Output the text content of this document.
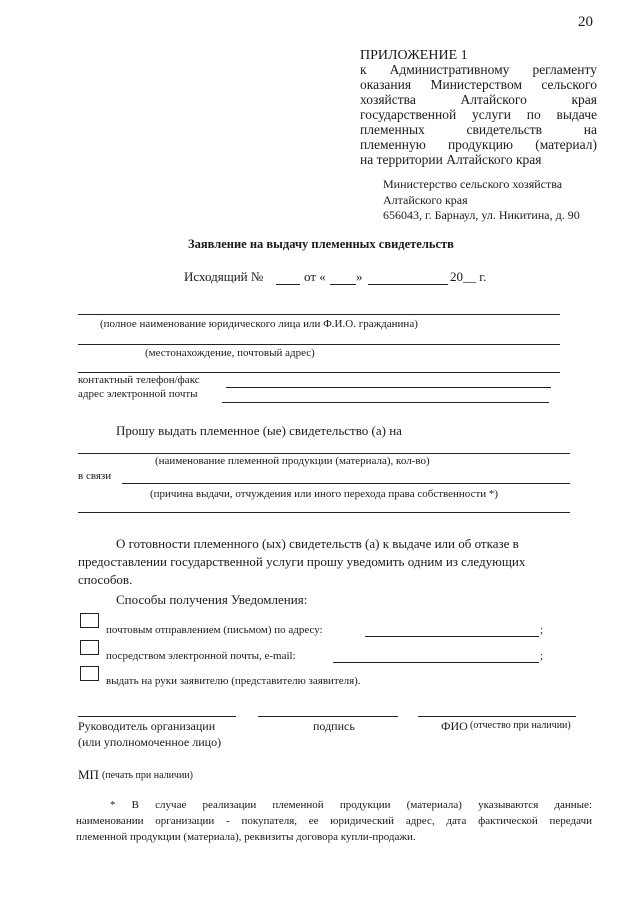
20
ПРИЛОЖЕНИЕ 1
к Административному регламенту
оказания Министерством сельского
хозяйства Алтайского края
государственной услуги по выдаче
племенных свидетельств на
племенную продукцию (материал)
на территории Алтайского края
Министерство сельского хозяйства
Алтайского края
656043, г. Барнаул, ул. Никитина, д. 90
Заявление на выдачу племенных свидетельств
Исходящий №	от « »	20__ г.
(полное наименование юридического лица или Ф.И.О. гражданина)
(местонахождение, почтовый адрес)
контактный телефон/факс
адрес электронной почты
Прошу выдать племенное (ые) свидетельство (а) на
(наименование племенной продукции (материала), кол-во)
в связи
(причина выдачи, отчуждения или иного перехода права собственности *)
О готовности племенного (ых) свидетельств (а) к выдаче или об отказе в
предоставлении государственной услуги прошу уведомить одним из следующих
способов.
Способы получения Уведомления:
почтовым отправлением (письмом) по адресу:	;
посредством электронной почты, e-mail:	;
выдать на руки заявителю (представителю заявителя).
Руководитель организации
(или уполномоченное лицо)
подпись	ФИО (отчество при наличии)
МП (печать при наличии)
* В случае реализации племенной продукции (материала) указываются данные:
наименовании организации - покупателя, ее юридический адрес, дата фактической передачи
племенной продукции (материала), реквизиты договора купли-продажи.
